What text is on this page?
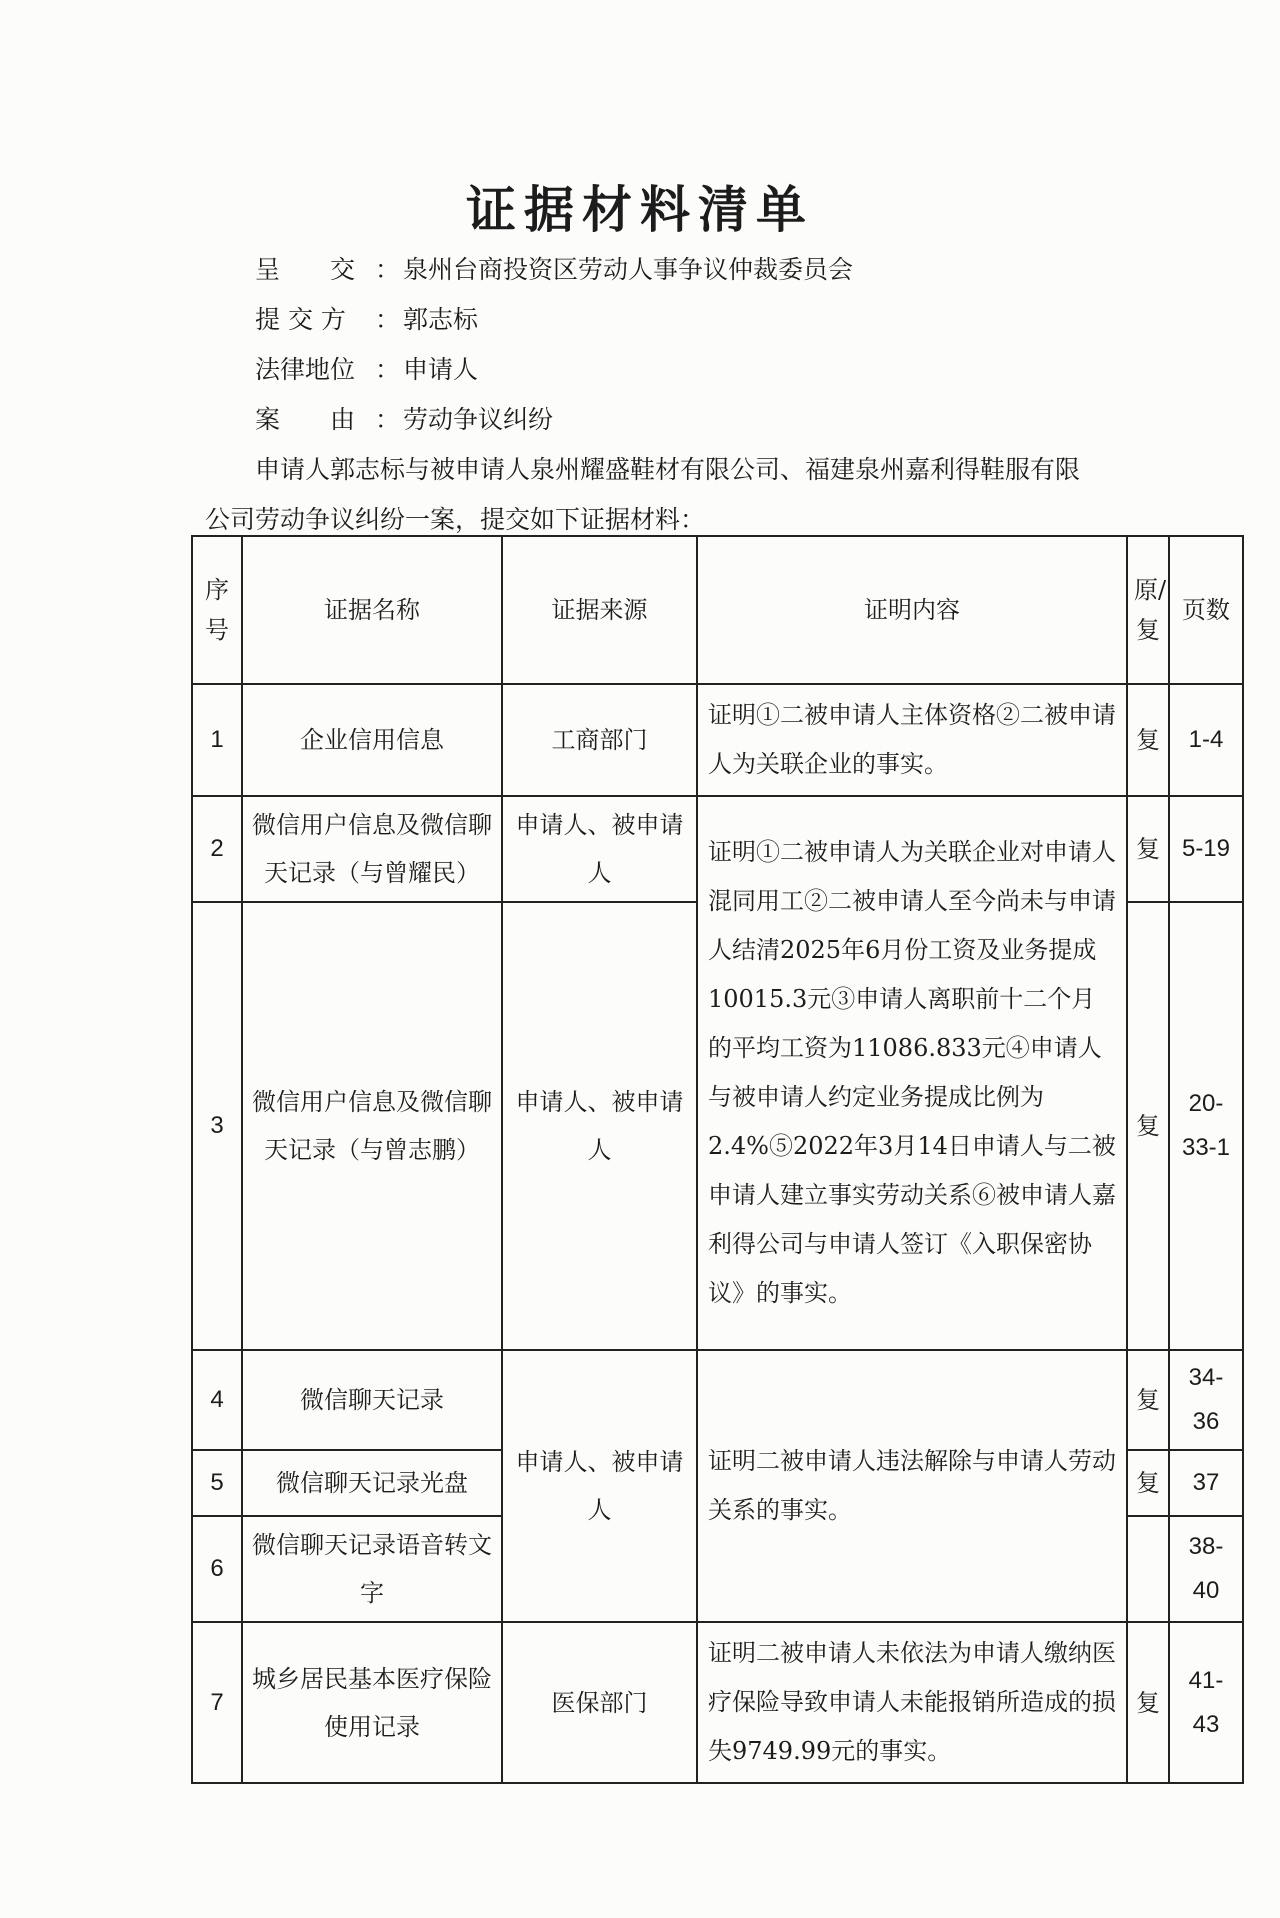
证据材料清单
呈　　交 ： 泉州台商投资区劳动人事争议仲裁委员会
提 交 方 ： 郭志标
法律地位 ： 申请人
案　　由 ： 劳动争议纠纷
申请人郭志标与被申请人泉州耀盛鞋材有限公司、福建泉州嘉利得鞋服有限
公司劳动争议纠纷一案，提交如下证据材料：
序号	证据名称	证据来源	证明内容	原/复	页数
1	企业信用信息	工商部门	证明①二被申请人主体资格②二被申请人为关联企业的事实。	复	1-4
2	微信用户信息及微信聊天记录（与曾耀民）	申请人、被申请人	证明①二被申请人为关联企业对申请人混同用工②二被申请人至今尚未与申请人结清2025年6月份工资及业务提成10015.3元③申请人离职前十二个月的平均工资为11086.833元④申请人与被申请人约定业务提成比例为2.4%⑤2022年3月14日申请人与二被申请人建立事实劳动关系⑥被申请人嘉利得公司与申请人签订《入职保密协议》的事实。	复	5-19
3	微信用户信息及微信聊天记录（与曾志鹏）	申请人、被申请人		复	20-33-1
4	微信聊天记录	申请人、被申请人	证明二被申请人违法解除与申请人劳动关系的事实。	复	34-36
5	微信聊天记录光盘			复	37
6	微信聊天记录语音转文字				38-40
7	城乡居民基本医疗保险使用记录	医保部门	证明二被申请人未依法为申请人缴纳医疗保险导致申请人未能报销所造成的损失9749.99元的事实。	复	41-43
